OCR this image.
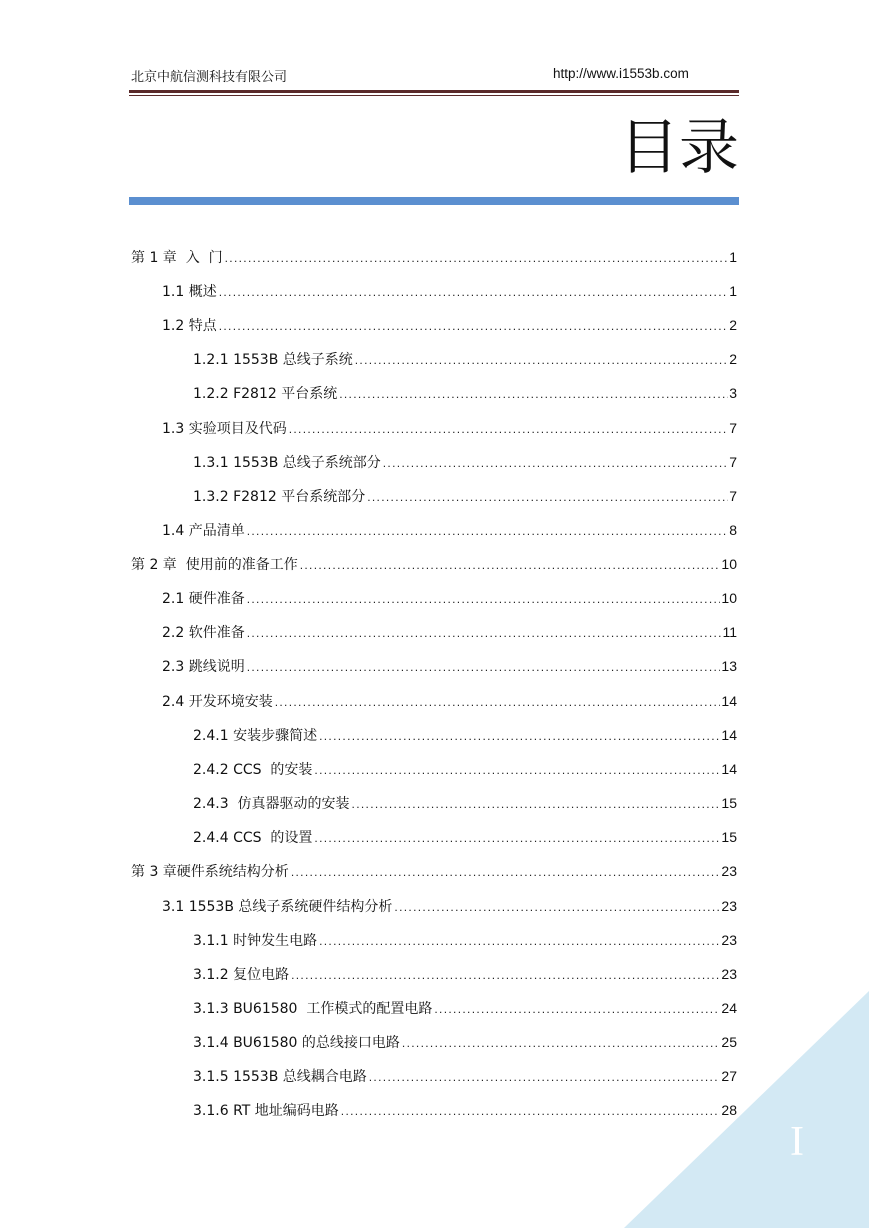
北京中航信测科技有限公司	http://www.i1553b.com
目录
第 1 章  入  门 . . .	1
1.1 概述 . . .	1
1.2 特点 . . .	2
1.2.1 1553B 总线子系统 . . .	2
1.2.2 F2812 平台系统 . . .	3
1.3 实验项目及代码 . . .	7
1.3.1 1553B 总线子系统部分 . . .	7
1.3.2 F2812 平台系统部分 . . .	7
1.4 产品清单 . . .	8
第 2 章  使用前的准备工作 . . .	10
2.1 硬件准备 . . .	10
2.2 软件准备 . . .	11
2.3 跳线说明 . . .	13
2.4 开发环境安装 . . .	14
2.4.1 安装步骤简述 . . .	14
2.4.2 CCS  的安装 . . .	14
2.4.3  仿真器驱动的安装 . . .	15
2.4.4 CCS  的设置 . . .	15
第 3 章硬件系统结构分析 . . .	23
3.1 1553B 总线子系统硬件结构分析 . . .	23
3.1.1 时钟发生电路 . . .	23
3.1.2 复位电路 . . .	23
3.1.3 BU61580  工作模式的配置电路 . . .	24
3.1.4 BU61580 的总线接口电路 . . .	25
3.1.5 1553B 总线耦合电路 . . .	27
3.1.6 RT 地址编码电路 . . .	28
I
